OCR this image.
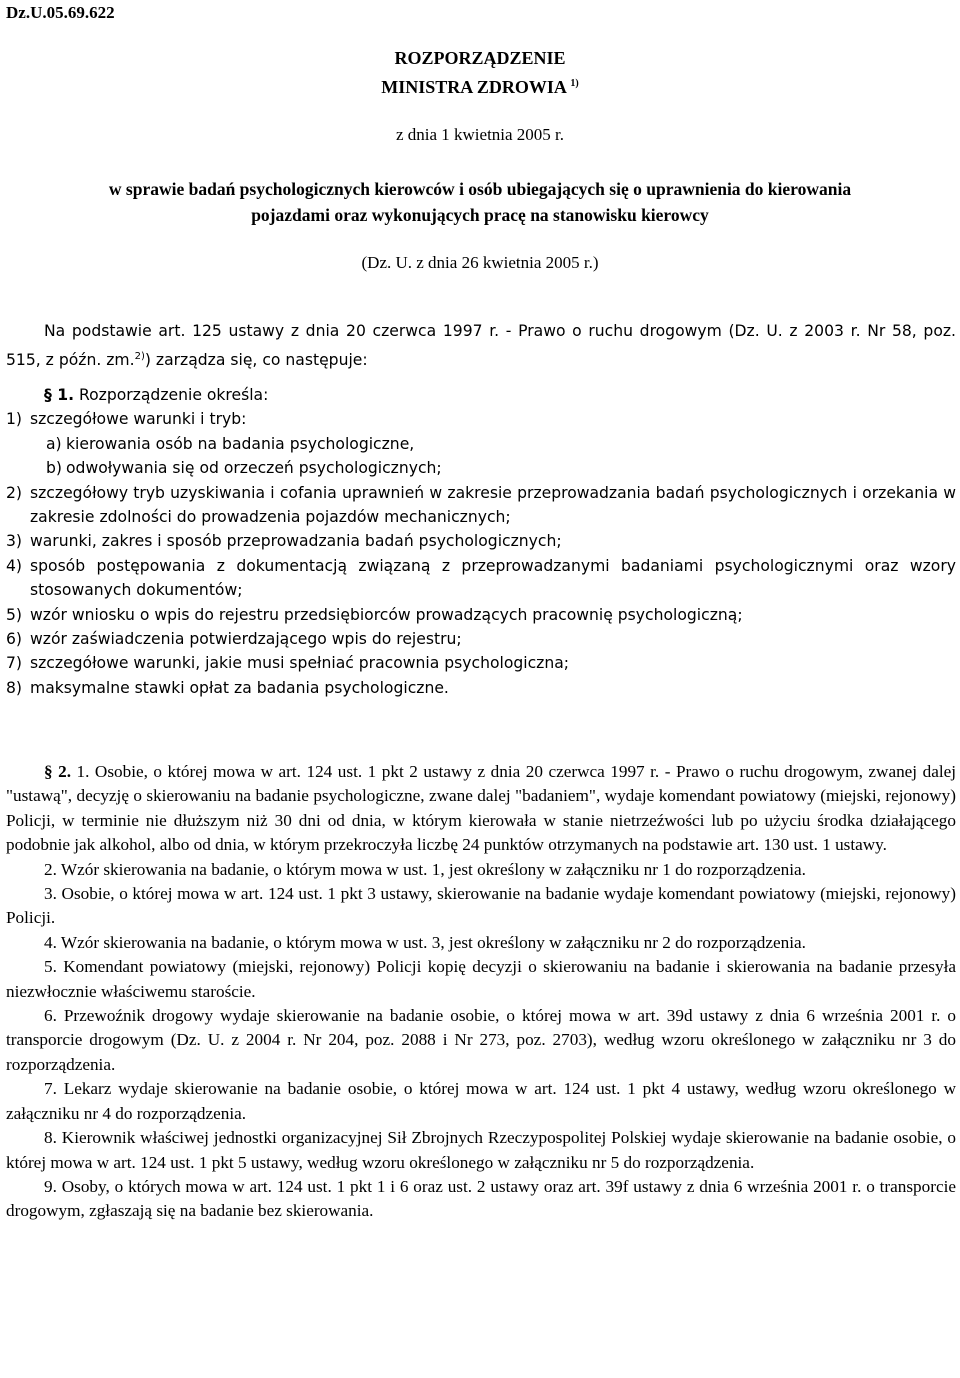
Dz.U.05.69.622
ROZPORZĄDZENIE
MINISTRA ZDROWIA $^{1)}$
z dnia 1 kwietnia 2005 r.
w sprawie badań psychologicznych kierowców i osób ubiegających się o uprawnienia do kierowania
pojazdami oraz wykonujących pracę na stanowisku kierowcy
(Dz. U. z dnia 26 kwietnia 2005 r.)

Na podstawie art. 125 ustawy z dnia 20 czerwca 1997 r. - Prawo o ruchu drogowym (Dz. U. z 2003 r. Nr 58, poz. 515, z późn. zm.$^{2)}$) zarządza się, co następuje:

§ 1. Rozporządzenie określa:

1) szczegółowe warunki i tryb:
a) kierowania osób na badania psychologiczne,
b) odwoływania się od orzeczeń psychologicznych;
2) szczegółowy tryb uzyskiwania i cofania uprawnień w zakresie przeprowadzania badań psychologicznych i orzekania w zakresie zdolności do prowadzenia pojazdów mechanicznych;
3) warunki, zakres i sposób przeprowadzania badań psychologicznych;
4) sposób postępowania z dokumentacją związaną z przeprowadzanymi badaniami psychologicznymi oraz wzory stosowanych dokumentów;
5) wzór wniosku o wpis do rejestru przedsiębiorców prowadzących pracownię psychologiczną;
6) wzór zaświadczenia potwierdzającego wpis do rejestru;
7) szczegółowe warunki, jakie musi spełniać pracownia psychologiczna;
8) maksymalne stawki opłat za badania psychologiczne.

§ 2. 1. Osobie, o której mowa w art. 124 ust. 1 pkt 2 ustawy z dnia 20 czerwca 1997 r. - Prawo o ruchu drogowym, zwanej dalej "ustawą", decyzję o skierowaniu na badanie psychologiczne, zwane dalej "badaniem", wydaje komendant powiatowy (miejski, rejonowy) Policji, w terminie nie dłuższym niż 30 dni od dnia, w którym kierowała w stanie nietrzeźwości lub po użyciu środka działającego podobnie jak alkohol, albo od dnia, w którym przekroczyła liczbę 24 punktów otrzymanych na podstawie art. 130 ust. 1 ustawy.

2. Wzór skierowania na badanie, o którym mowa w ust. 1, jest określony w załączniku nr 1 do rozporządzenia.

3. Osobie, o której mowa w art. 124 ust. 1 pkt 3 ustawy, skierowanie na badanie wydaje komendant powiatowy (miejski, rejonowy) Policji.

4. Wzór skierowania na badanie, o którym mowa w ust. 3, jest określony w załączniku nr 2 do rozporządzenia.

5. Komendant powiatowy (miejski, rejonowy) Policji kopię decyzji o skierowaniu na badanie i skierowania na badanie przesyła niezwłocznie właściwemu staroście.

6. Przewoźnik drogowy wydaje skierowanie na badanie osobie, o której mowa w art. 39d ustawy z dnia 6 września 2001 r. o transporcie drogowym (Dz. U. z 2004 r. Nr 204, poz. 2088 i Nr 273, poz. 2703), według wzoru określonego w załączniku nr 3 do rozporządzenia.

7. Lekarz wydaje skierowanie na badanie osobie, o której mowa w art. 124 ust. 1 pkt 4 ustawy, według wzoru określonego w załączniku nr 4 do rozporządzenia.

8. Kierownik właściwej jednostki organizacyjnej Sił Zbrojnych Rzeczypospolitej Polskiej wydaje skierowanie na badanie osobie, o której mowa w art. 124 ust. 1 pkt 5 ustawy, według wzoru określonego w załączniku nr 5 do rozporządzenia.

9. Osoby, o których mowa w art. 124 ust. 1 pkt 1 i 6 oraz ust. 2 ustawy oraz art. 39f ustawy z dnia 6 września 2001 r. o transporcie drogowym, zgłaszają się na badanie bez skierowania.
